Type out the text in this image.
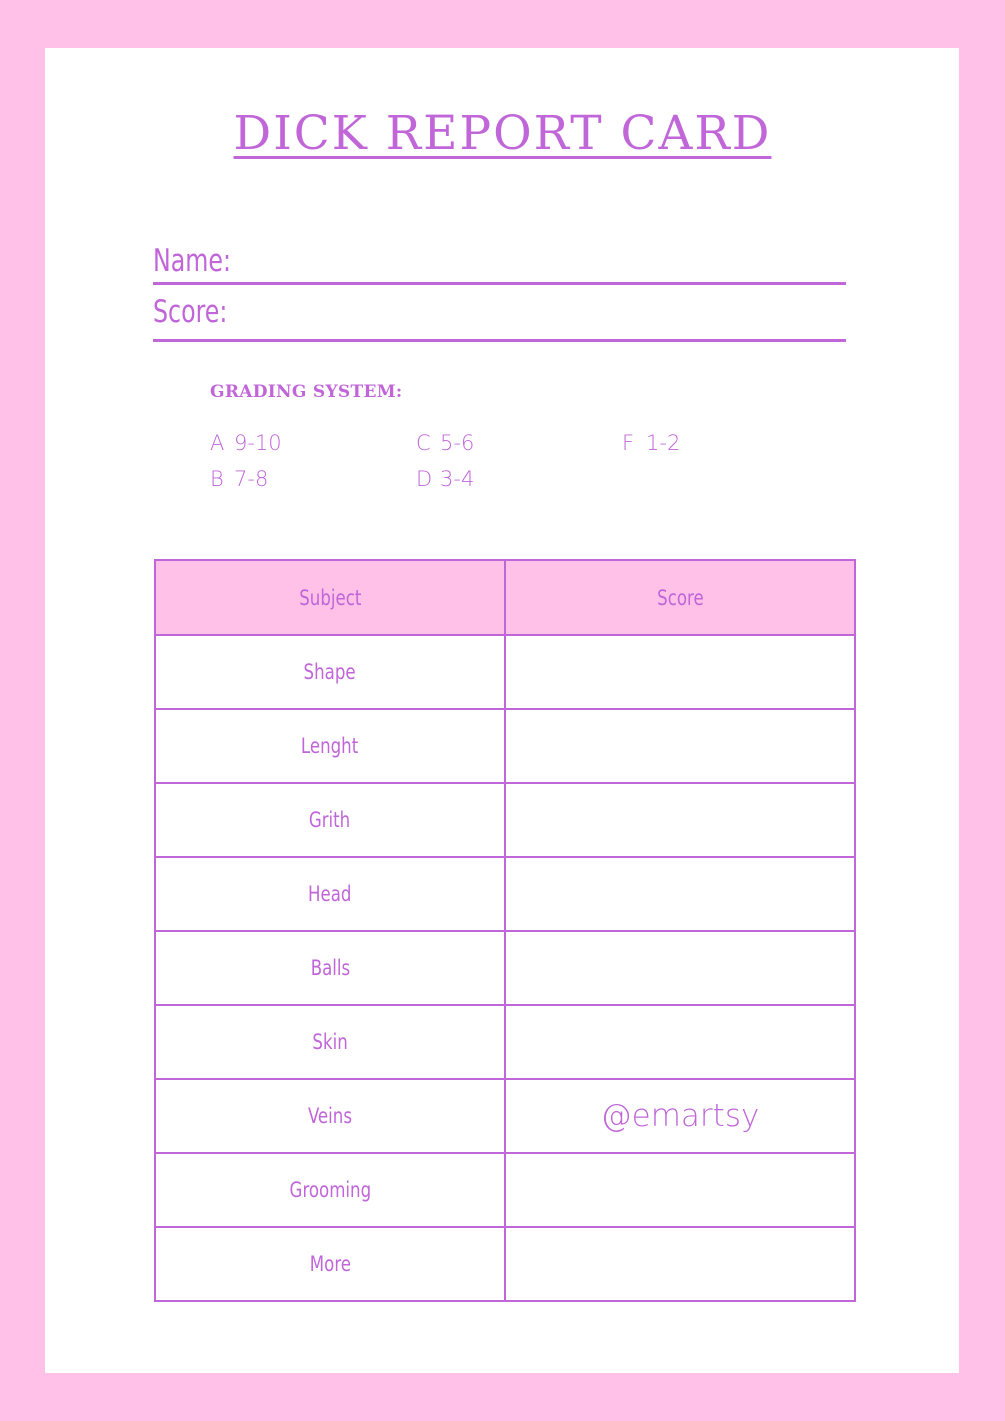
DICK REPORT CARD
Name:
Score:
GRADING SYSTEM:
A 9-10	C 5-6	F 1-2
B 7-8	D 3-4
Subject	Score
Shape	
Lenght	
Grith	
Head	
Balls	
Skin	
Veins	@emartsy
Grooming	
More	
